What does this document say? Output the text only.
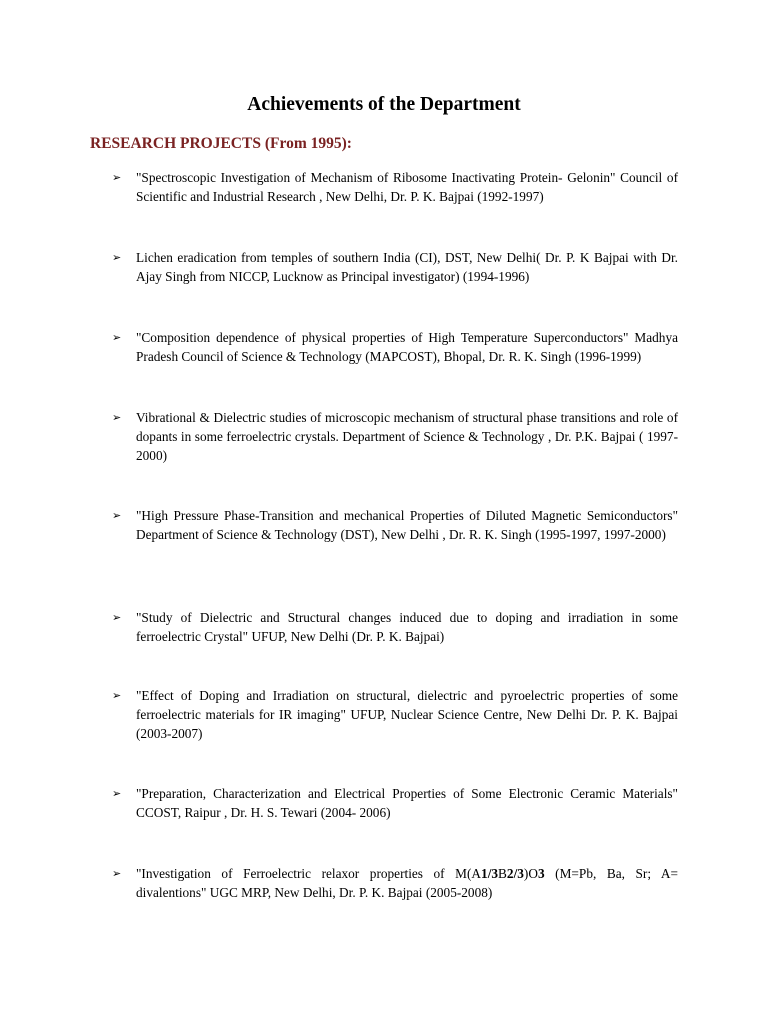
Achievements of the Department
RESEARCH PROJECTS (From 1995):
➢ "Spectroscopic Investigation of Mechanism of Ribosome Inactivating Protein- Gelonin" Council of Scientific and Industrial Research , New Delhi, Dr. P. K. Bajpai (1992-1997)
➢ Lichen eradication from temples of southern India (CI), DST, New Delhi( Dr. P. K Bajpai with Dr. Ajay Singh from NICCP, Lucknow as Principal investigator) (1994-1996)
➢ "Composition dependence of physical properties of High Temperature Superconductors" Madhya Pradesh Council of Science & Technology (MAPCOST), Bhopal, Dr. R. K. Singh (1996-1999)
➢ Vibrational & Dielectric studies of microscopic mechanism of structural phase transitions and role of dopants in some ferroelectric crystals. Department of Science & Technology , Dr. P.K. Bajpai ( 1997-2000)
➢ "High Pressure Phase-Transition and mechanical Properties of Diluted Magnetic Semiconductors" Department of Science & Technology (DST), New Delhi , Dr. R. K. Singh (1995-1997, 1997-2000)
➢ "Study of Dielectric and Structural changes induced due to doping and irradiation in some ferroelectric Crystal" UFUP, New Delhi (Dr. P. K. Bajpai)
➢ "Effect of Doping and Irradiation on structural, dielectric and pyroelectric properties of some ferroelectric materials for IR imaging" UFUP, Nuclear Science Centre, New Delhi Dr. P. K. Bajpai (2003-2007)
➢ "Preparation, Characterization and Electrical Properties of Some Electronic Ceramic Materials" CCOST, Raipur , Dr. H. S. Tewari (2004- 2006)
➢ "Investigation of Ferroelectric relaxor properties of M(A1/3B2/3)O3 (M=Pb, Ba, Sr; A= divalentions" UGC MRP, New Delhi, Dr. P. K. Bajpai (2005-2008)
